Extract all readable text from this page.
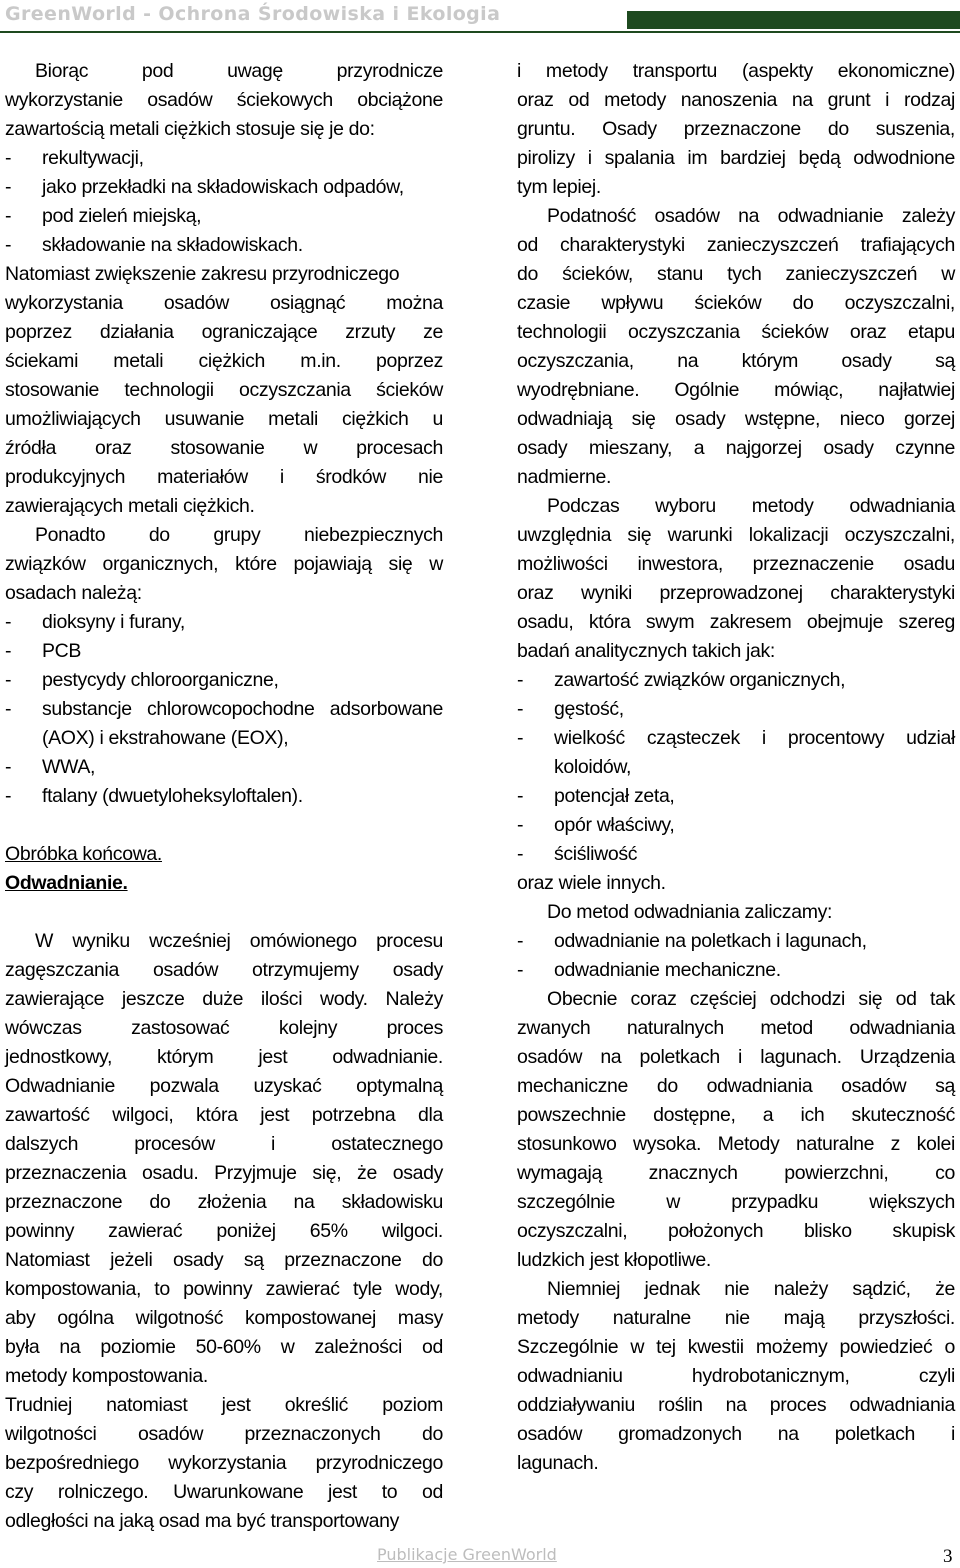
GreenWorld - Ochrona Środowiska i Ekologia

Biorąc pod uwagę przyrodnicze

wykorzystanie osadów ściekowych obciążone

zawartością metali ciężkich stosuje się je do:

- rekultywacji,
- jako przekładki na składowiskach odpadów,
- pod zieleń miejską,
- składowanie na składowiskach.

Natomiast zwiększenie zakresu przyrodniczego

wykorzystania osadów osiągnąć można

poprzez działania ograniczające zrzuty ze

ściekami metali ciężkich m.in. poprzez

stosowanie technologii oczyszczania ścieków

umożliwiających usuwanie metali ciężkich u

źródła oraz stosowanie w procesach

produkcyjnych materiałów i środków nie

zawierających metali ciężkich.

Ponadto do grupy niebezpiecznych

związków organicznych, które pojawiają się w

osadach należą:

- dioksyny i furany,
- PCB
- pestycydy chloroorganiczne,
- substancje chlorowcopochodne adsorbowane (AOX) i ekstrahowane (EOX),
- WWA,
- ftalany (dwuetyloheksyloftalen).

Obróbka końcowa.

Odwadnianie.

W wyniku wcześniej omówionego procesu

zagęszczania osadów otrzymujemy osady

zawierające jeszcze duże ilości wody. Należy

wówczas zastosować kolejny proces

jednostkowy, którym jest odwadnianie.

Odwadnianie pozwala uzyskać optymalną

zawartość wilgoci, która jest potrzebna dla

dalszych procesów i ostatecznego

przeznaczenia osadu. Przyjmuje się, że osady

przeznaczone do złożenia na składowisku

powinny zawierać poniżej 65% wilgoci.

Natomiast jeżeli osady są przeznaczone do

kompostowania, to powinny zawierać tyle wody,

aby ogólna wilgotność kompostowanej masy

była na poziomie 50-60% w zależności od

metody kompostowania.

Trudniej natomiast jest określić poziom

wilgotności osadów przeznaczonych do

bezpośredniego wykorzystania przyrodniczego

czy rolniczego. Uwarunkowane jest to od

odległości na jaką osad ma być transportowany

i metody transportu (aspekty ekonomiczne)

oraz od metody nanoszenia na grunt i rodzaj

gruntu. Osady przeznaczone do suszenia,

pirolizy i spalania im bardziej będą odwodnione

tym lepiej.

Podatność osadów na odwadnianie zależy

od charakterystyki zanieczyszczeń trafiających

do ścieków, stanu tych zanieczyszczeń w

czasie wpływu ścieków do oczyszczalni,

technologii oczyszczania ścieków oraz etapu

oczyszczania, na którym osady są

wyodrębniane. Ogólnie mówiąc, najłatwiej

odwadniają się osady wstępne, nieco gorzej

osady mieszany, a najgorzej osady czynne

nadmierne.

Podczas wyboru metody odwadniania

uwzględnia się warunki lokalizacji oczyszczalni,

możliwości inwestora, przeznaczenie osadu

oraz wyniki przeprowadzonej charakterystyki

osadu, która swym zakresem obejmuje szereg

badań analitycznych takich jak:

- zawartość związków organicznych,
- gęstość,
- wielkość cząsteczek i procentowy udział koloidów,
- potencjał zeta,
- opór właściwy,
- ściśliwość

oraz wiele innych.

Do metod odwadniania zaliczamy:

- odwadnianie na poletkach i lagunach,
- odwadnianie mechaniczne.

Obecnie coraz częściej odchodzi się od tak

zwanych naturalnych metod odwadniania

osadów na poletkach i lagunach. Urządzenia

mechaniczne do odwadniania osadów są

powszechnie dostępne, a ich skuteczność

stosunkowo wysoka. Metody naturalne z kolei

wymagają znacznych powierzchni, co

szczególnie w przypadku większych

oczyszczalni, położonych blisko skupisk

ludzkich jest kłopotliwe.

Niemniej jednak nie należy sądzić, że

metody naturalne nie mają przyszłości.

Szczególnie w tej kwestii możemy powiedzieć o

odwadnianiu hydrobotanicznym, czyli

oddziaływaniu roślin na proces odwadniania

osadów gromadzonych na poletkach i

lagunach.

Publikacje GreenWorld	3
